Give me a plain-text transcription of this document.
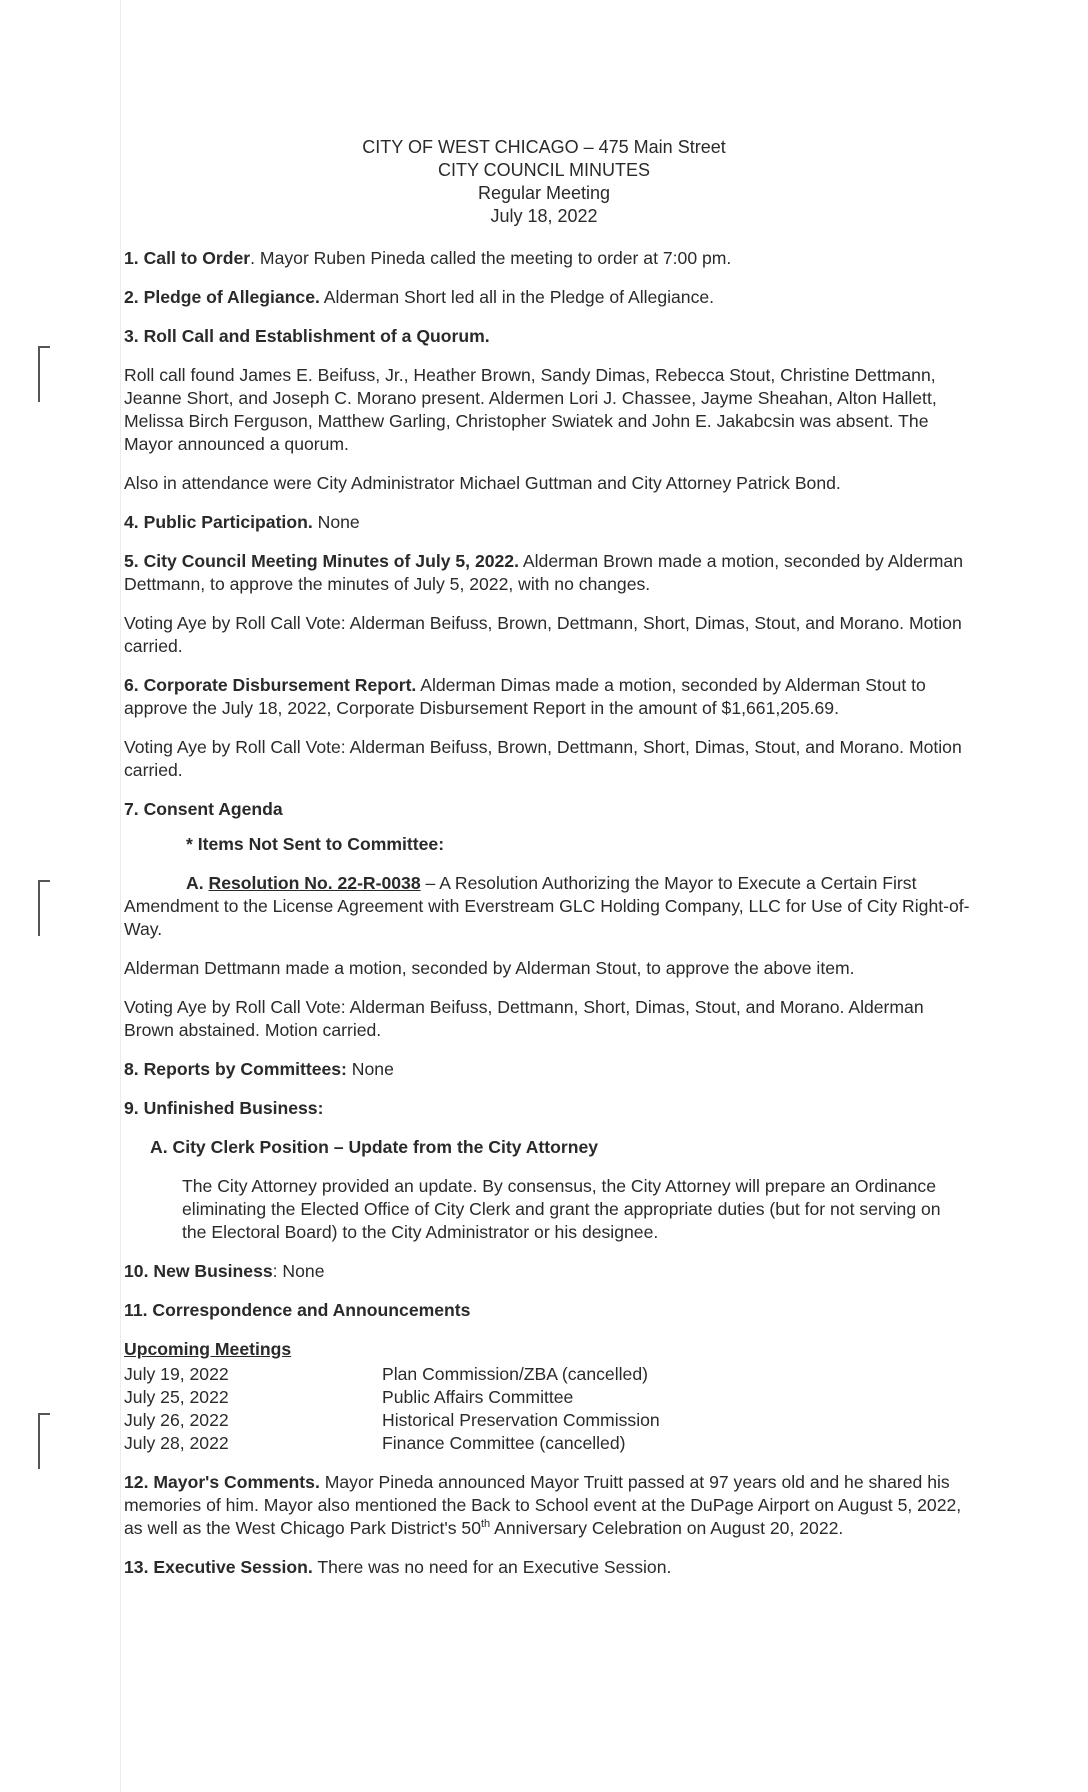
CITY OF WEST CHICAGO – 475 Main Street
CITY COUNCIL MINUTES
Regular Meeting
July 18, 2022

1. Call to Order. Mayor Ruben Pineda called the meeting to order at 7:00 pm.

2. Pledge of Allegiance. Alderman Short led all in the Pledge of Allegiance.

3. Roll Call and Establishment of a Quorum.

Roll call found James E. Beifuss, Jr., Heather Brown, Sandy Dimas, Rebecca Stout, Christine Dettmann, Jeanne Short, and Joseph C. Morano present. Aldermen Lori J. Chassee, Jayme Sheahan, Alton Hallett, Melissa Birch Ferguson, Matthew Garling, Christopher Swiatek and John E. Jakabcsin was absent. The Mayor announced a quorum.

Also in attendance were City Administrator Michael Guttman and City Attorney Patrick Bond.

4. Public Participation. None

5. City Council Meeting Minutes of July 5, 2022. Alderman Brown made a motion, seconded by Alderman Dettmann, to approve the minutes of July 5, 2022, with no changes.

Voting Aye by Roll Call Vote: Alderman Beifuss, Brown, Dettmann, Short, Dimas, Stout, and Morano. Motion carried.

6. Corporate Disbursement Report. Alderman Dimas made a motion, seconded by Alderman Stout to approve the July 18, 2022, Corporate Disbursement Report in the amount of $1,661,205.69.

Voting Aye by Roll Call Vote: Alderman Beifuss, Brown, Dettmann, Short, Dimas, Stout, and Morano. Motion carried.

7. Consent Agenda

* Items Not Sent to Committee:

A. Resolution No. 22-R-0038 – A Resolution Authorizing the Mayor to Execute a Certain First Amendment to the License Agreement with Everstream GLC Holding Company, LLC for Use of City Right-of-Way.

Alderman Dettmann made a motion, seconded by Alderman Stout, to approve the above item.

Voting Aye by Roll Call Vote: Alderman Beifuss, Dettmann, Short, Dimas, Stout, and Morano. Alderman Brown abstained. Motion carried.

8. Reports by Committees: None

9. Unfinished Business:

A. City Clerk Position – Update from the City Attorney

The City Attorney provided an update. By consensus, the City Attorney will prepare an Ordinance eliminating the Elected Office of City Clerk and grant the appropriate duties (but for not serving on the Electoral Board) to the City Administrator or his designee.

10. New Business: None

11. Correspondence and Announcements

Upcoming Meetings

July 19, 2022	Plan Commission/ZBA (cancelled)
July 25, 2022	Public Affairs Committee
July 26, 2022	Historical Preservation Commission
July 28, 2022	Finance Committee (cancelled)

12. Mayor's Comments. Mayor Pineda announced Mayor Truitt passed at 97 years old and he shared his memories of him. Mayor also mentioned the Back to School event at the DuPage Airport on August 5, 2022, as well as the West Chicago Park District's 50th Anniversary Celebration on August 20, 2022.

13. Executive Session. There was no need for an Executive Session.
